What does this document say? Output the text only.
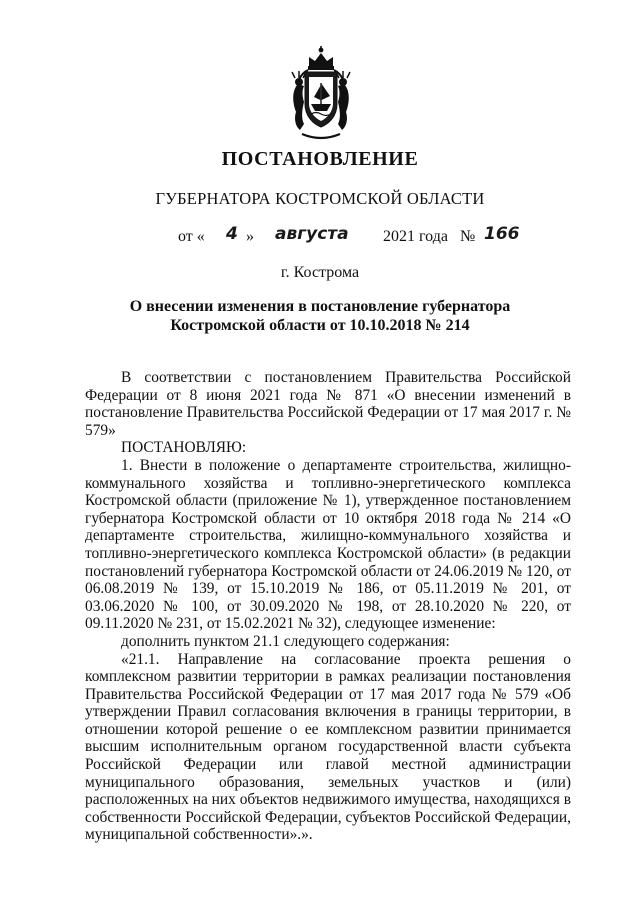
ПОСТАНОВЛЕНИЕ
ГУБЕРНАТОРА КОСТРОМСКОЙ ОБЛАСТИ
от « 4 » августа 2021 года № 166
г. Кострома
О внесении изменения в постановление губернатора
Костромской области от 10.10.2018 № 214

В соответствии с постановлением Правительства Российской Федерации от 8 июня 2021 года № 871 «О внесении изменений в постановление Правительства Российской Федерации от 17 мая 2017 г. № 579»

ПОСТАНОВЛЯЮ:

1. Внести в положение о департаменте строительства, жилищно-коммунального хозяйства и топливно-энергетического комплекса Костромской области (приложение № 1), утвержденное постановлением губернатора Костромской области от 10 октября 2018 года № 214 «О департаменте строительства, жилищно-коммунального хозяйства и топливно-энергетического комплекса Костромской области» (в редакции постановлений губернатора Костромской области от 24.06.2019 № 120, от 06.08.2019 № 139, от 15.10.2019 № 186, от 05.11.2019 № 201, от 03.06.2020 № 100, от 30.09.2020 № 198, от 28.10.2020 № 220, от 09.11.2020 № 231, от 15.02.2021 № 32), следующее изменение:

дополнить пунктом 21.1 следующего содержания:

«21.1. Направление на согласование проекта решения о комплексном развитии территории в рамках реализации постановления Правительства Российской Федерации от 17 мая 2017 года № 579 «Об утверждении Правил согласования включения в границы территории, в отношении которой решение о ее комплексном развитии принимается высшим исполнительным органом государственной власти субъекта Российской Федерации или главой местной администрации муниципального образования, земельных участков и (или) расположенных на них объектов недвижимого имущества, находящихся в собственности Российской Федерации, субъектов Российской Федерации, муниципальной собственности».».
